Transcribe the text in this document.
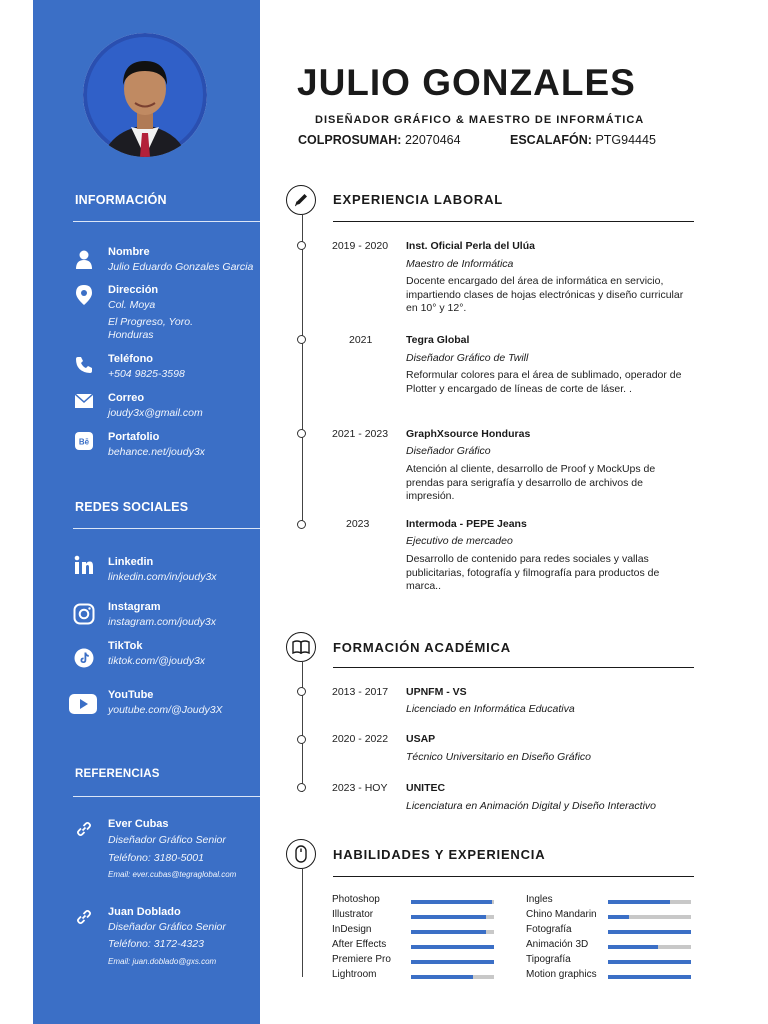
INFORMACIÓN
Nombre
Julio Eduardo Gonzales Garcia
Dirección
Col. Moya
El Progreso, Yoro.
Honduras
Teléfono
+504 9825-3598
Correo
joudy3x@gmail.com
Bē Portafolio
behance.net/joudy3x
REDES SOCIALES
Linkedin
linkedin.com/in/joudy3x
Instagram
instagram.com/joudy3x
TikTok
tiktok.com/@joudy3x
YouTube
youtube.com/@Joudy3X
REFERENCIAS
Ever Cubas
Diseñador Gráfico Senior
Teléfono: 3180-5001
Email: ever.cubas@tegraglobal.com
Juan Doblado
Diseñador Gráfico Senior
Teléfono: 3172-4323
Email: juan.doblado@gxs.com
JULIO GONZALES
DISEÑADOR GRÁFICO & MAESTRO DE INFORMÁTICA
COLPROSUMAH: 22070464	ESCALAFÓN: PTG94445
EXPERIENCIA LABORAL
2019 - 2020 Inst. Oficial Perla del Ulúa
Maestro de Informática
Docente encargado del área de informática en servicio, impartiendo clases de hojas electrónicas y diseño curricular en 10° y 12°.
2021	Tegra Global
Diseñador Gráfico de Twill
Reformular colores para el área de sublimado, operador de Plotter y encargado de líneas de corte de láser. .
2021 - 2023 GraphXsource Honduras
Diseñador Gráfico
Atención al cliente, desarrollo de Proof y MockUps de prendas para serigrafía y desarrollo de archivos de impresión.
2023	Intermoda - PEPE Jeans
Ejecutivo de mercadeo
Desarrollo de contenido para redes sociales y vallas publicitarias, fotografía y filmografía para productos de marca..
FORMACIÓN ACADÉMICA
2013 - 2017 UPNFM - VS
Licenciado en Informática Educativa
2020 - 2022 USAP
Técnico Universitario en Diseño Gráfico
2023 - HOY UNITEC
Licenciatura en Animación Digital y Diseño Interactivo
HABILIDADES Y EXPERIENCIA
Photoshop
Illustrator
InDesign
After Effects
Premiere Pro
Lightroom
Ingles
Chino Mandarin
Fotografía
Animación 3D
Tipografía
Motion graphics
